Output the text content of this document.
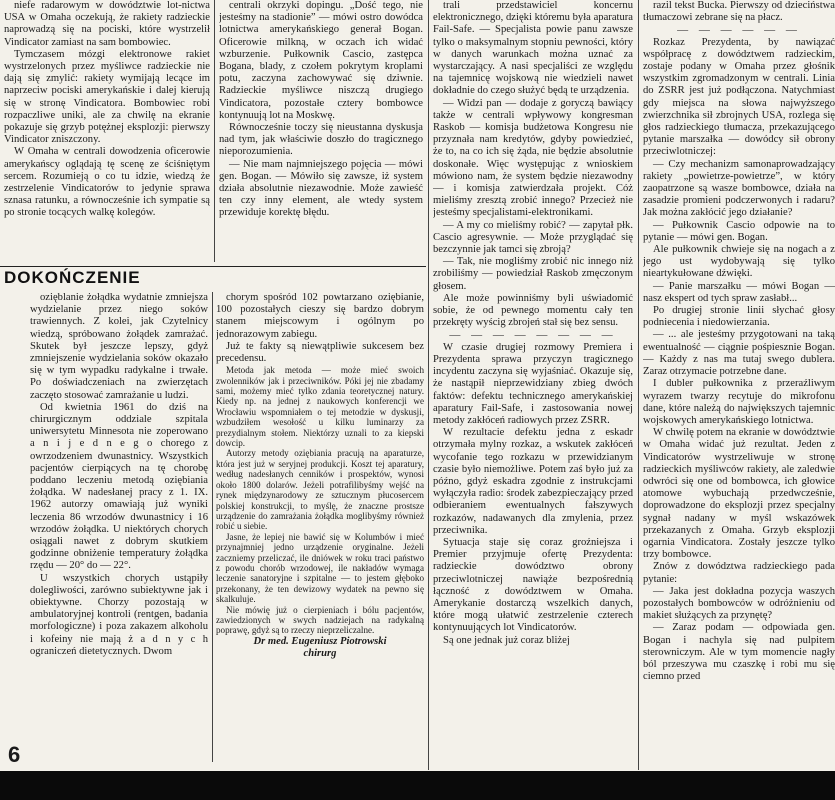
niefe radarowym w dowództwie lot-nictwa USA w Omaha oczekują, że rakiety radzieckie naprowadzą się na pociski, które wystrzelił Vindicator zamiast na sam bombowiec.

Tymczasem mózgi elektronowe rakiet wystrzelonych przez myśliwce radzieckie nie dają się zmylić: rakiety wymijają lecące im naprzeciw pociski amerykańskie i dalej kierują się w stronę Vindicatora. Bombowiec robi rozpaczliwe uniki, ale za chwilę na ekranie pokazuje się grzyb potężnej eksplozji: pierwszy Vindicator zniszczony.

W Omaha w centrali dowodzenia oficerowie amerykańscy oglądają tę scenę ze ściśniętym sercem. Rozumieją o co tu idzie, wiedzą że zestrzelenie Vindicatorów to jedynie sprawa sznasa ratunku, a równocześnie ich sympatie są po stronie tocących walkę kolegów.

centrali okrzyki dopingu. „Dość tego, nie jesteśmy na stadionie” — mówi ostro dowódca lotnictwa amerykańskiego generał Bogan. Oficerowie milkną, w oczach ich widać wzburzenie. Pułkownik Cascio, zastępca Bogana, blady, z czołem pokrytym kroplami potu, zaczyna zachowywać się dziwnie. Radzieckie myśliwce niszczą drugiego Vindicatora, pozostałe cztery bombowce kontynuują lot na Moskwę.

Równocześnie toczy się nieustanna dyskusja nad tym, jak właściwie doszło do tragicznego nieporozumienia.

— Nie mam najmniejszego pojęcia — mówi gen. Bogan. — Mówiło się zawsze, iż system działa absolutnie niezawodnie. Może zawieść ten czy inny element, ale wtedy system przewiduje korektę błędu.

trali przedstawiciel koncernu elektronicznego, dzięki któremu była aparatura Fail-Safe. — Specjalista powie panu zawsze tylko o maksymalnym stopniu pewności, który w danych warunkach można uznać za wystarczający. A nasi specjaliści ze względu na tajemnicę wojskową nie wiedzieli nawet dokładnie do czego służyć będą te urządzenia.

— Widzi pan — dodaje z goryczą bawiący także w centrali wpływowy kongresman Raskob — komisja budżetowa Kongresu nie przyznała nam kredytów, gdyby powiedzieć, że to, na co ich się żąda, nie będzie absolutnie doskonałe. Więc występując z wnioskiem mówiono nam, że system będzie niezawodny — i komisja zatwierdzała projekt. Cóż mieliśmy zresztą zrobić innego? Przecież nie jesteśmy specjalistami-elektronikami.

— A my co mieliśmy robić? — zapytał płk. Cascio agresywnie. — Może przyglądać się bezczynnie jak tamci się zbroją?

— Tak, nie mogliśmy zrobić nic innego niż zrobiliśmy — powiedział Raskob zmęczonym głosem.

Ale może powinniśmy byli uświadomić sobie, że od pewnego momentu cały ten przekręty wyścig zbrojeń stał się bez sensu.

— — — — — — — —

W czasie drugiej rozmowy Premiera i Prezydenta sprawa przyczyn tragicznego incydentu zaczyna się wyjaśniać. Okazuje się, że nastąpił nieprzewidziany zbieg dwóch faktów: defektu technicznego amerykańskiej aparatury Fail-Safe, i zastosowania nowej metody zakłóceń radiowych przez ZSRR.

W rezultacie defektu jedna z eskadr otrzymała mylny rozkaz, a wskutek zakłóceń wycofanie tego rozkazu w przewidzianym czasie było niemożliwe. Potem zaś było już za późno, gdyż eskadra zgodnie z instrukcjami wyłączyła radio: środek zabezpieczający przed odbieraniem ewentualnych fałszywych rozkazów, nadawanych dla zmylenia, przez przeciwnika.

Sytuacja staje się coraz groźniejsza i Premier przyjmuje ofertę Prezydenta: radzieckie dowództwo obrony przeciwlotniczej nawiąże bezpośrednią łączność z dowództwem w Omaha. Amerykanie dostarczą wszelkich danych, które mogą ułatwić zestrzelenie czterech kontynuujących lot Vindicatorów.

Są one jednak już coraz bliżej

razil tekst Bucka. Pierwszy od dzieciństwa tłumaczowi zebrane się na płacz.

— — — — — —

Rozkaz Prezydenta, by nawiązać współpracę z dowództwem radzieckim, zostaje podany w Omaha przez głośnik wszystkim zgromadzonym w centrali. Linia do ZSRR jest już podłączona. Natychmiast gdy miejsca na słowa najwyższego zwierzchnika sił zbrojnych USA, rozlega się głos radzieckiego tłumacza, przekazującego pytanie marszałka — dowódcy sił obrony przeciwlotniczej:

— Czy mechanizm samonaprowadzający rakiety „powietrze-powietrze”, w który zaopatrzone są wasze bombowce, działa na zasadzie promieni podczerwonych i radaru? Jak można zakłócić jego działanie?

— Pułkownik Cascio odpowie na to pytanie — mówi gen. Bogan.

Ale pułkownik chwieje się na nogach a z jego ust wydobywają się tylko nieartykułowane dźwięki.

— Panie marszałku — mówi Bogan — nasz ekspert od tych spraw zasłabł...

Po drugiej stronie linii słychać głosy podniecenia i niedowierzania.

— ... ale jesteśmy przygotowani na taką ewentualność — ciągnie pośpiesznie Bogan. — Każdy z nas ma tutaj swego dublera. Zaraz otrzymacie potrzebne dane.

I dubler pułkownika z przeraźliwym wyrazem twarzy recytuje do mikrofonu dane, które należą do największych tajemnic wojskowych amerykańskiego lotnictwa.

W chwilę potem na ekranie w dowództwie w Omaha widać już rezultat. Jeden z Vindicatorów wystrzeliwuje w stronę radzieckich myśliwców rakiety, ale zaledwie odwróci się one od bombowca, ich głowice atomowe wybuchają przedwcześnie, doprowadzone do eksplozji przez specjalny sygnał nadany w myśl wskazówek przekazanych z Omaha. Grzyb eksplozji ogarnia Vindicatora. Zostały jeszcze tylko trzy bombowce.

Znów z dowództwa radzieckiego pada pytanie:

— Jaka jest dokładna pozycja waszych pozostałych bombowców w odróżnieniu od makiet służących za przynętę?

— Zaraz podam — odpowiada gen. Bogan i nachyla się nad pulpitem sterowniczym. Ale w tym momencie nagły ból przeszywa mu czaszkę i robi mu się ciemno przed

DOKOŃCZENIE

ozięblanie żołądka wydatnie zmniejsza wydzielanie przez niego soków trawiennych. Z kolei, jak Czytelnicy wiedzą, spróbowano żołądek zamrażać. Skutek był jeszcze lepszy, gdyż zmniejszenie wydzielania soków okazało się w tym wypadku radykalne i trwałe. Po doświadczeniach na zwierzętach zaczęto stosować zamrażanie u ludzi.

Od kwietnia 1961 do dziś na chirurgicznym oddziale szpitala uniwersytetu Minnesota nie zoperowano a n i j e d n e g o chorego z owrzodzeniem dwunastnicy. Wszystkich pacjentów cierpiących na tę chorobę poddano leczeniu metodą oziębiania żołądka. W nadesłanej pracy z 1. IX. 1962 autorzy omawiają już wyniki leczenia 86 wrzodów dwunastnicy i 16 wrzodów żołądka. U niektórych chorych osiągali nawet z dobrym skutkiem godzinne obniżenie temperatury żołądka rzędu — 20° do — 22°.

U wszystkich chorych ustąpiły dolegliwości, zarówno subiektywne jak i obiektywne. Chorzy pozostają w ambulatoryjnej kontroli (rentgen, badania morfologiczne) i poza zakazem alkoholu i kofeiny nie mają ż a d n y c h ograniczeń dietetycznych. Dwom

chorym spośród 102 powtarzano oziębianie, 100 pozostałych cieszy się bardzo dobrym stanem miejscowym i ogólnym po jednorazowym zabiegu.

Już te fakty są niewątpliwie sukcesem bez precedensu.

Metoda jak metoda — może mieć swoich zwolenników jak i przeciwników. Póki jej nie zbadamy sami, możemy mieć tylko zdania teoretycznej natury. Kiedy np. na jednej z naukowych konferencji we Wrocławiu wspomniałem o tej metodzie w dyskusji, wzbudziłem wesołość u kilku luminarzy za prezydialnym stołem. Niektórzy uznali to za kiepski dowcip.

Autorzy metody oziębiania pracują na aparaturze, która jest już w seryjnej produkcji. Koszt tej aparatury, według nadesłanych cenników i prospektów, wynosi około 1800 dolarów. Jeżeli potrafilibyśmy wejść na rynek międzynarodowy ze sztucznym płucosercem polskiej konstrukcji, to myślę, że znaczne prostsze urządzenie do zamrażania żołądka moglibyśmy również robić u siebie.

Jasne, że lepiej nie bawić się w Kolumbów i mieć przynajmniej jedno urządzenie oryginalne. Jeżeli zaczniemy przeliczać, ile dniówek w roku traci państwo z powodu chorób wrzodowej, ile nakładów wymaga leczenie sanatoryjne i szpitalne — to jestem głęboko przekonany, że ten dewizowy wydatek na pewno się skalkuluje.

Nie mówię już o cierpieniach i bólu pacjentów, zawiedzionych w swych nadziejach na radykalną poprawę, gdyż są to rzeczy nieprzeliczalne.

Dr med. Eugeniusz Piotrowski
chirurg
6
